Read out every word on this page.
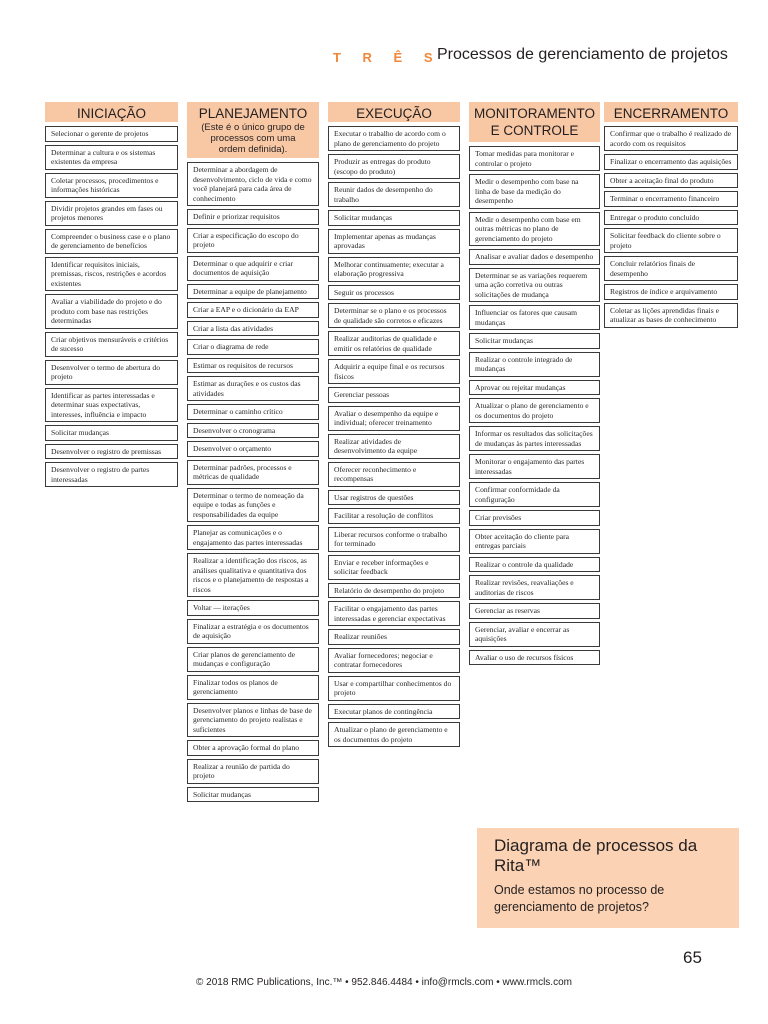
T R Ê S
Processos de gerenciamento de projetos
INICIAÇÃO
Selecionar o gerente de projetos
Determinar a cultura e os sistemas existentes da empresa
Coletar processos, procedimentos e informações históricas
Dividir projetos grandes em fases ou projetos menores
Compreender o business case e o plano de gerenciamento de benefícios
Identificar requisitos iniciais, premissas, riscos, restrições e acordos existentes
Avaliar a viabilidade do projeto e do produto com base nas restrições determinadas
Criar objetivos mensuráveis e critérios de sucesso
Desenvolver o termo de abertura do projeto
Identificar as partes interessadas e determinar suas expectativas, interesses, influência e impacto
Solicitar mudanças
Desenvolver o registro de premissas
Desenvolver o registro de partes interessadas
PLANEJAMENTO
(Este é o único grupo de processos com uma ordem definida).
Determinar a abordagem de desenvolvimento, ciclo de vida e como você planejará para cada área de conhecimento
Definir e priorizar requisitos
Criar a especificação do escopo do projeto
Determinar o que adquirir e criar documentos de aquisição
Determinar a equipe de planejamento
Criar a EAP e o dicionário da EAP
Criar a lista das atividades
Criar o diagrama de rede
Estimar os requisitos de recursos
Estimar as durações e os custos das atividades
Determinar o caminho crítico
Desenvolver o cronograma
Desenvolver o orçamento
Determinar padrões, processos e métricas de qualidade
Determinar o termo de nomeação da equipe e todas as funções e responsabilidades da equipe
Planejar as comunicações e o engajamento das partes interessadas
Realizar a identificação dos riscos, as análises qualitativa e quantitativa dos riscos e o planejamento de respostas a riscos
Voltar — iterações
Finalizar a estratégia e os documentos de aquisição
Criar planos de gerenciamento de mudanças e configuração
Finalizar todos os planos de gerenciamento
Desenvolver planos e linhas de base de gerenciamento do projeto realistas e suficientes
Obter a aprovação formal do plano
Realizar a reunião de partida do projeto
Solicitar mudanças
EXECUÇÃO
Executar o trabalho de acordo com o plano de gerenciamento do projeto
Produzir as entregas do produto (escopo do produto)
Reunir dados de desempenho do trabalho
Solicitar mudanças
Implementar apenas as mudanças aprovadas
Melhorar continuamente; executar a elaboração progressiva
Seguir os processos
Determinar se o plano e os processos de qualidade são corretos e eficazes
Realizar auditorias de qualidade e emitir os relatórios de qualidade
Adquirir a equipe final e os recursos físicos
Gerenciar pessoas
Avaliar o desempenho da equipe e individual; oferecer treinamento
Realizar atividades de desenvolvimento da equipe
Oferecer reconhecimento e recompensas
Usar registros de questões
Facilitar a resolução de conflitos
Liberar recursos conforme o trabalho for terminado
Enviar e receber informações e solicitar feedback
Relatório de desempenho do projeto
Facilitar o engajamento das partes interessadas e gerenciar expectativas
Realizar reuniões
Avaliar fornecedores; negociar e contratar fornecedores
Usar e compartilhar conhecimentos do projeto
Executar planos de contingência
Atualizar o plano de gerenciamento e os documentos do projeto
MONITORAMENTO E CONTROLE
Tomar medidas para monitorar e controlar o projeto
Medir o desempenho com base na linha de base da medição do desempenho
Medir o desempenho com base em outras métricas no plano de gerenciamento do projeto
Analisar e avaliar dados e desempenho
Determinar se as variações requerem uma ação corretiva ou outras solicitações de mudança
Influenciar os fatores que causam mudanças
Solicitar mudanças
Realizar o controle integrado de mudanças
Aprovar ou rejeitar mudanças
Atualizar o plano de gerenciamento e os documentos do projeto
Informar os resultados das solicitações de mudanças às partes interessadas
Monitorar o engajamento das partes interessadas
Confirmar conformidade da configuração
Criar previsões
Obter aceitação do cliente para entregas parciais
Realizar o controle da qualidade
Realizar revisões, reavaliações e auditorias de riscos
Gerenciar as reservas
Gerenciar, avaliar e encerrar as aquisições
Avaliar o uso de recursos físicos
ENCERRAMENTO
Confirmar que o trabalho é realizado de acordo com os requisitos
Finalizar o encerramento das aquisições
Obter a aceitação final do produto
Terminar o encerramento financeiro
Entregar o produto concluído
Solicitar feedback do cliente sobre o projeto
Concluir relatórios finais de desempenho
Registros de índice e arquivamento
Coletar as lições aprendidas finais e atualizar as bases de conhecimento
Diagrama de processos da Rita™
Onde estamos no processo de gerenciamento de projetos?
65
© 2018 RMC Publications, Inc.™ • 952.846.4484 • info@rmcls.com • www.rmcls.com
